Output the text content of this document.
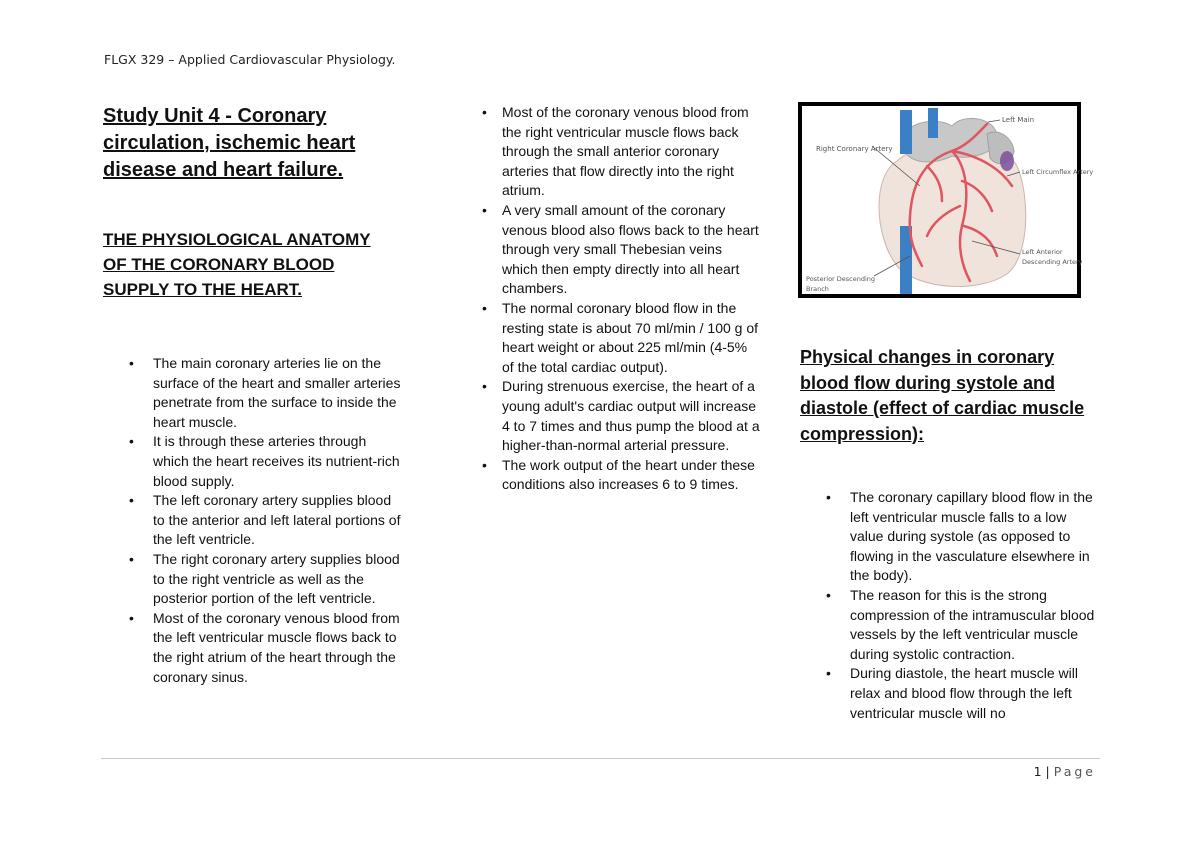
FLGX 329 – Applied Cardiovascular Physiology.
Study Unit 4 - Coronary circulation, ischemic heart disease and heart failure.
THE PHYSIOLOGICAL ANATOMY OF THE CORONARY BLOOD SUPPLY TO THE HEART.
• The main coronary arteries lie on the surface of the heart and smaller arteries penetrate from the surface to inside the heart muscle.
• It is through these arteries through which the heart receives its nutrient-rich blood supply.
• The left coronary artery supplies blood to the anterior and left lateral portions of the left ventricle.
• The right coronary artery supplies blood to the right ventricle as well as the posterior portion of the left ventricle.
• Most of the coronary venous blood from the left ventricular muscle flows back to the right atrium of the heart through the coronary sinus.
• Most of the coronary venous blood from the right ventricular muscle flows back through the small anterior coronary arteries that flow directly into the right atrium.
• A very small amount of the coronary venous blood also flows back to the heart through very small Thebesian veins which then empty directly into all heart chambers.
• The normal coronary blood flow in the resting state is about 70 ml/min / 100 g of heart weight or about 225 ml/min (4-5% of the total cardiac output).
• During strenuous exercise, the heart of a young adult's cardiac output will increase 4 to 7 times and thus pump the blood at a higher-than-normal arterial pressure.
• The work output of the heart under these conditions also increases 6 to 9 times.
Left Main
Right Coronary Artery
Left Circumflex Artery
Left Anterior
Descending Artery
Posterior Descending
Branch
Physical changes in coronary blood flow during systole and diastole (effect of cardiac muscle compression):
• The coronary capillary blood flow in the left ventricular muscle falls to a low value during systole (as opposed to flowing in the vasculature elsewhere in the body).
• The reason for this is the strong compression of the intramuscular blood vessels by the left ventricular muscle during systolic contraction.
• During diastole, the heart muscle will relax and blood flow through the left ventricular muscle will no
1 | Page
